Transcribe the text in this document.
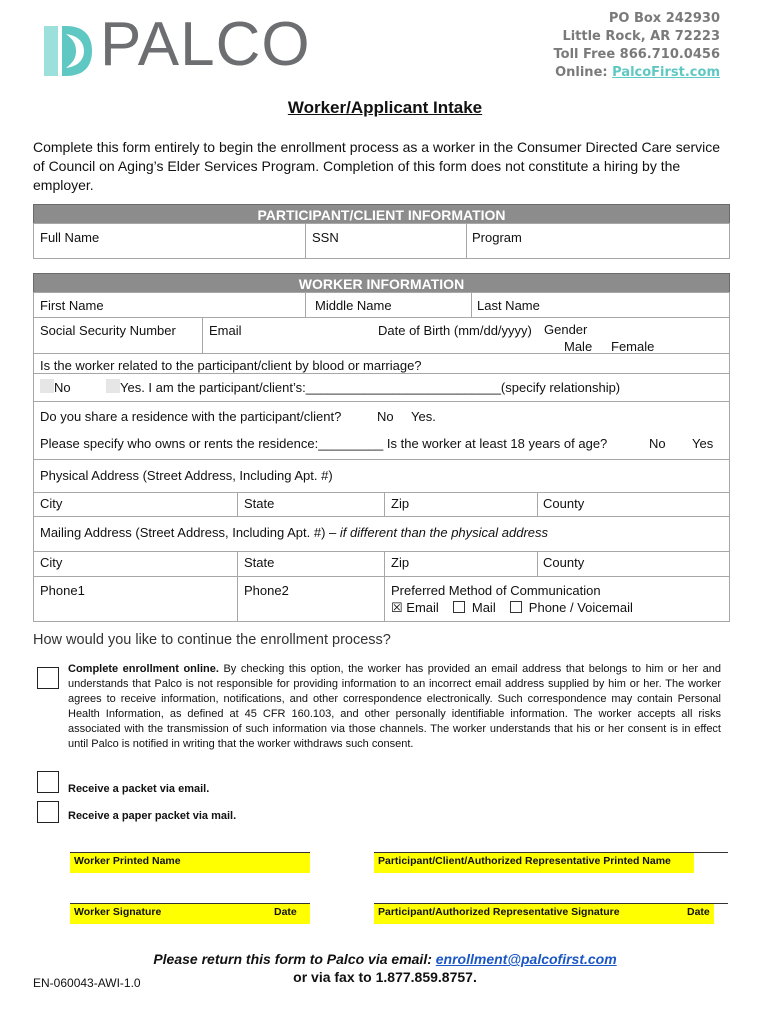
PALCO	PO Box 242930
Little Rock, AR 72223
Toll Free 866.710.0456
Online: PalcoFirst.com
Worker/Applicant Intake
Complete this form entirely to begin the enrollment process as a worker in the Consumer Directed Care service of Council on Aging’s Elder Services Program. Completion of this form does not constitute a hiring by the employer.
PARTICIPANT/CLIENT INFORMATION
Full Name	SSN	Program
WORKER INFORMATION
First Name	Middle Name	Last Name
Social Security Number	Email	Date of Birth (mm/dd/yyyy) Gender
Male Female
Is the worker related to the participant/client by blood or marriage?
No	Yes. I am the participant/client’s:___________________________(specify relationship)
Do you share a residence with the participant/client?	No Yes.
Please specify who owns or rents the residence:_________ Is the worker at least 18 years of age?	No Yes
Physical Address (Street Address, Including Apt. #)
City	State	Zip	County
Mailing Address (Street Address, Including Apt. #) – if different than the physical address
City	State	Zip	County
Phone1	Phone2	Preferred Method of Communication
☒ Email	Mail	Phone / Voicemail
How would you like to continue the enrollment process?
Complete enrollment online. By checking this option, the worker has provided an email address that belongs to him or her and understands that Palco is not responsible for providing information to an incorrect email address supplied by him or her. The worker agrees to receive information, notifications, and other correspondence electronically. Such correspondence may contain Personal Health Information, as defined at 45 CFR 160.103, and other personally identifiable information. The worker accepts all risks associated with the transmission of such information via those channels. The worker understands that his or her consent is in effect until Palco is notified in writing that the worker withdraws such consent.
Receive a packet via email.
Receive a paper packet via mail.
Worker Printed Name	Participant/Client/Authorized Representative Printed Name
Worker Signature	Date	Participant/Authorized Representative Signature	Date
Please return this form to Palco via email: enrollment@palcofirst.com
or via fax to 1.877.859.8757.
EN-060043-AWI-1.0
